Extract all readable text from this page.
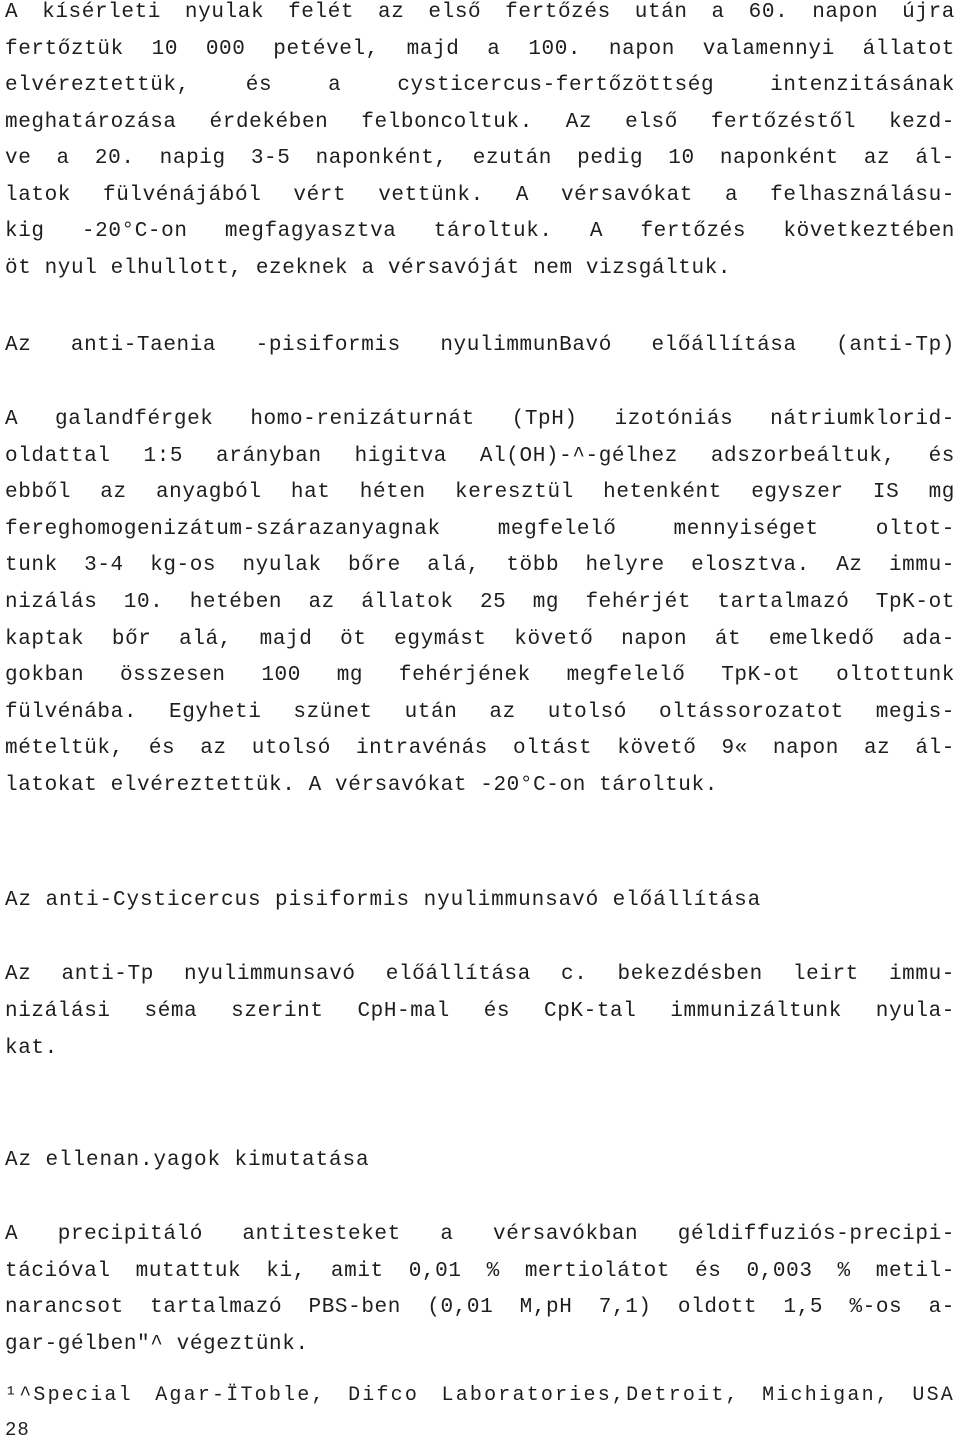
A kísérleti nyulak felét az első fertőzés után a 60. napon újra
fertőztük 10 000 petével, majd a 100. napon valamennyi állatot
elvéreztettük, és a cysticercus-fertőzöttség intenzitásának
meghatározása érdekében felboncoltuk. Az első fertőzéstől kezd-
ve a 20. napig 3-5 naponként, ezután pedig 10 naponként az ál-
latok fülvénájából vért vettünk. A vérsavókat a felhasználásu-
kig -20°C-on megfagyasztva tároltuk. A fertőzés következtében
öt nyul elhullott, ezeknek a vérsavóját nem vizsgáltuk.
Az anti-Taenia -pisiformis nyulimmunBavó előállítása (anti-Tp)
A galandférgek homo-renizáturnát (TpH) izotóniás nátriumklorid-
oldattal 1:5 arányban higitva Al(OH)-^-gélhez adszorbeáltuk, és
ebből az anyagból hat héten keresztül hetenként egyszer IS mg
fereghomogenizátum-szárazanyagnak megfelelő mennyiséget oltot-
tunk 3-4 kg-os nyulak bőre alá, több helyre elosztva. Az immu-
nizálás 10. hetében az állatok 25 mg fehérjét tartalmazó TpK-ot
kaptak bőr alá, majd öt egymást követő napon át emelkedő ada-
gokban összesen 100 mg fehérjének megfelelő TpK-ot oltottunk
fülvénába. Egyheti szünet után az utolsó oltássorozatot megis-
mételtük, és az utolsó intravénás oltást követő 9« napon az ál-
latokat elvéreztettük. A vérsavókat -20°C-on tároltuk.
Az anti-Cysticercus pisiformis nyulimmunsavó előállítása
Az anti-Tp nyulimmunsavó előállítása c. bekezdésben leirt immu-
nizálási séma szerint CpH-mal és CpK-tal immunizáltunk nyula-
kat.
Az ellenan.yagok kimutatása
A precipitáló antitesteket a vérsavókban géldiffuziós-precipi-
tációval mutattuk ki, amit 0,01 % mertiolátot és 0,003 % metil-
narancsot tartalmazó PBS-ben (0,01 M,pH 7,1) oldott 1,5 %-os a-
gar-gélben"^ végeztünk.
¹^Special Agar-ÏToble, Difco Laboratories,Detroit, Michigan, USA
28
